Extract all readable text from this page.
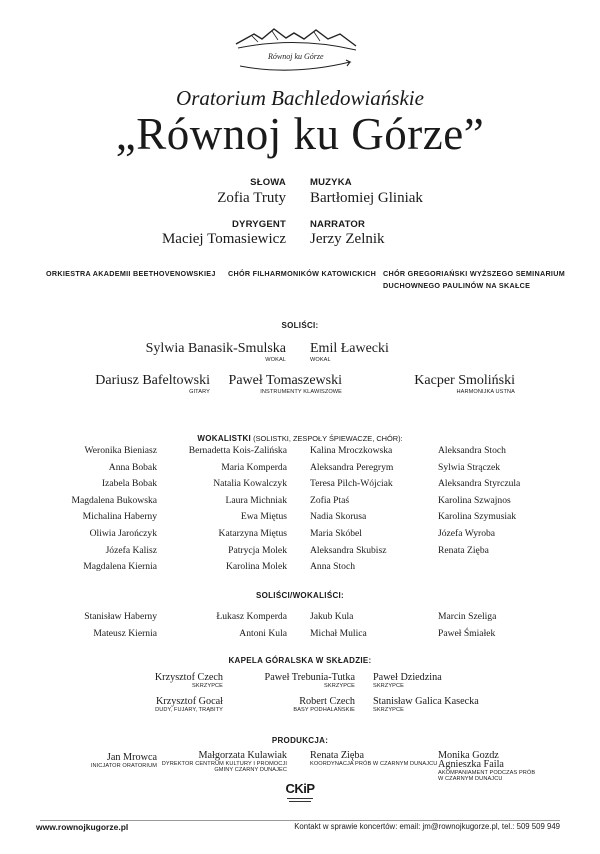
Równoj ku Górze
Oratorium Bachledowiańskie
„Równoj ku Górze”
SŁOWA
Zofia Truty
MUZYKA
Bartłomiej Gliniak
DYRYGENT
Maciej Tomasiewicz
NARRATOR
Jerzy Zelnik
ORKIESTRA AKADEMII BEETHOVENOWSKIEJ CHÓR FILHARMONIKÓW KATOWICKICH CHÓR GREGORIAŃSKI WYŻSZEGO SEMINARIUM
DUCHOWNEGO PAULINÓW NA SKAŁCE
SOLIŚCI:
Sylwia Banasik-Smulska
WOKAL
Emil Ławecki
WOKAL
Dariusz Bafeltowski
GITARY
Paweł Tomaszewski
INSTRUMENTY KLAWISZOWE
Kacper Smoliński
HARMONIJKA USTNA
WOKALISTKI (SOLISTKI, ZESPOŁY ŚPIEWACZE, CHÓR):
Weronika Bieniasz
Anna Bobak
Izabela Bobak
Magdalena Bukowska
Michalina Haberny
Oliwia Jarończyk
Józefa Kalisz
Magdalena Kiernia
Bernadetta Kois-Zalińska
Maria Komperda
Natalia Kowalczyk
Laura Michniak
Ewa Miętus
Katarzyna Miętus
Patrycja Molek
Karolina Molek
Kalina Mroczkowska
Aleksandra Peregrym
Teresa Pilch-Wójciak
Zofia Ptaś
Nadia Skorusa
Maria Skóbel
Aleksandra Skubisz
Anna Stoch
Aleksandra Stoch
Sylwia Strączek
Aleksandra Styrczula
Karolina Szwajnos
Karolina Szymusiak
Józefa Wyroba
Renata Zięba
SOLIŚCI/WOKALIŚCI:
Stanisław Haberny
Mateusz Kiernia
Łukasz Komperda
Antoni Kula
Jakub Kula
Michał Mulica
Marcin Szeliga
Paweł Śmiałek
KAPELA GÓRALSKA W SKŁADZIE:
Krzysztof Czech
SKRZYPCE
Paweł Trebunia-Tutka
SKRZYPCE
Paweł Dziedzina
SKRZYPCE
Krzysztof Gocał
DUDY, FUJARY, TRĄBITY
Robert Czech
BASY PODHALAŃSKIE
Stanisław Galica Kasecka
SKRZYPCE
PRODUKCJA:
Jan Mrowca
INICJATOR ORATORIUM
Małgorzata Kulawiak
DYREKTOR CENTRUM KULTURY I PROMOCJI
GMINY CZARNY DUNAJEC
Renata Zięba
KOORDYNACJA PRÓB W CZARNYM DUNAJCU
Monika Gozdz
Agnieszka Faila
AKOMPANIAMENT PODCZAS PRÓB
W CZARNYM DUNAJCU
CKiP
www.rownojkugorze.pl	Kontakt w sprawie koncertów: email: jm@rownojkugorze.pl, tel.: 509 509 949
